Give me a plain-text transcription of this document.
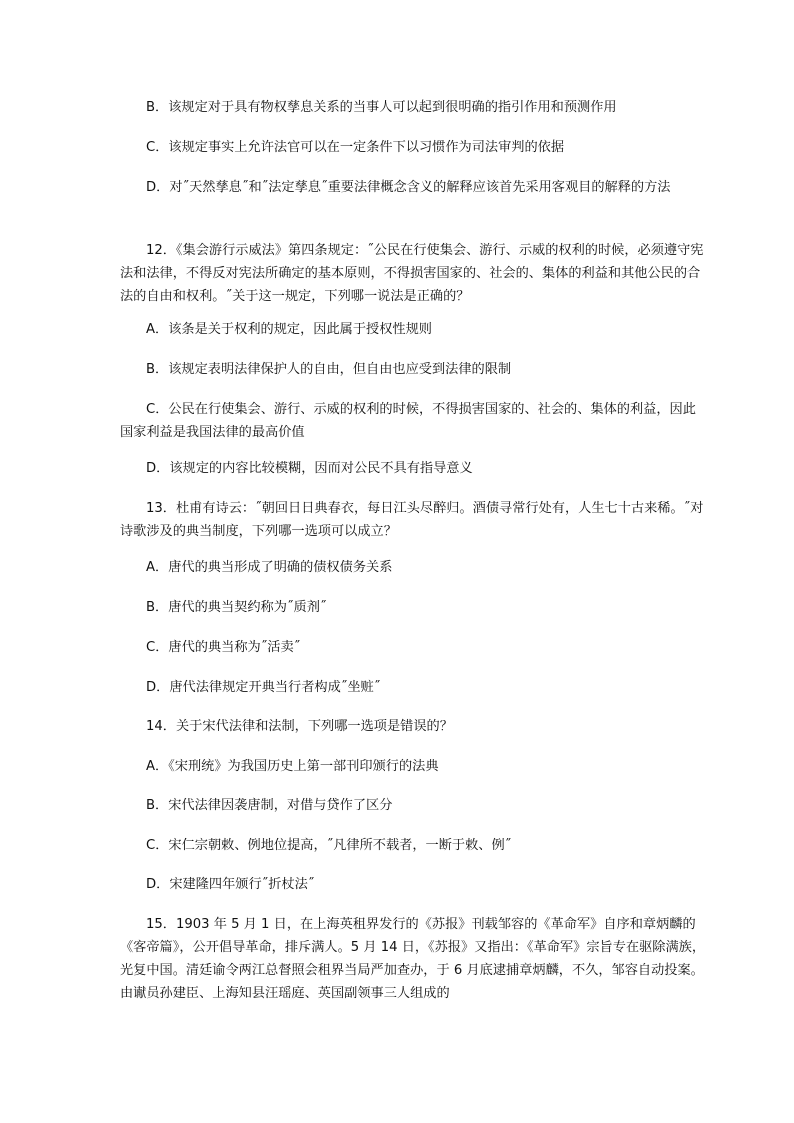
B．该规定对于具有物权孳息关系的当事人可以起到很明确的指引作用和预测作用

C．该规定事实上允许法官可以在一定条件下以习惯作为司法审判的依据

D．对˝天然孳息˝和˝法定孳息˝重要法律概念含义的解释应该首先采用客观目的解释的方法

12．《集会游行示威法》第四条规定：˝公民在行使集会、游行、示威的权利的时候，必须遵守宪法和法律，不得反对宪法所确定的基本原则，不得损害国家的、社会的、集体的利益和其他公民的合法的自由和权利。˝关于这一规定，下列哪一说法是正确的？

A．该条是关于权利的规定，因此属于授权性规则

B．该规定表明法律保护人的自由，但自由也应受到法律的限制

C．公民在行使集会、游行、示威的权利的时候，不得损害国家的、社会的、集体的利益，因此国家利益是我国法律的最高价值

D．该规定的内容比较模糊，因而对公民不具有指导意义

13．杜甫有诗云：˝朝回日日典春衣，每日江头尽醉归。酒债寻常行处有，人生七十古来稀。˝对诗歌涉及的典当制度，下列哪一选项可以成立？

A．唐代的典当形成了明确的债权债务关系

B．唐代的典当契约称为˝质剂˝

C．唐代的典当称为˝活卖˝

D．唐代法律规定开典当行者构成˝坐赃˝

14．关于宋代法律和法制，下列哪一选项是错误的？

A．《宋刑统》为我国历史上第一部刊印颁行的法典

B．宋代法律因袭唐制，对借与贷作了区分

C．宋仁宗朝敕、例地位提高，˝凡律所不载者，一断于敕、例˝

D．宋建隆四年颁行˝折杖法˝

15．1903 年 5 月 1 日，在上海英租界发行的《苏报》刊载邹容的《革命军》自序和章炳麟的《客帝篇》，公开倡导革命，排斥满人。5 月 14 日，《苏报》又指出：《革命军》宗旨专在驱除满族，光复中国。清廷谕令两江总督照会租界当局严加查办，于 6 月底逮捕章炳麟，不久，邹容自动投案。由谳员孙建臣、上海知县汪瑶庭、英国副领事三人组成的
